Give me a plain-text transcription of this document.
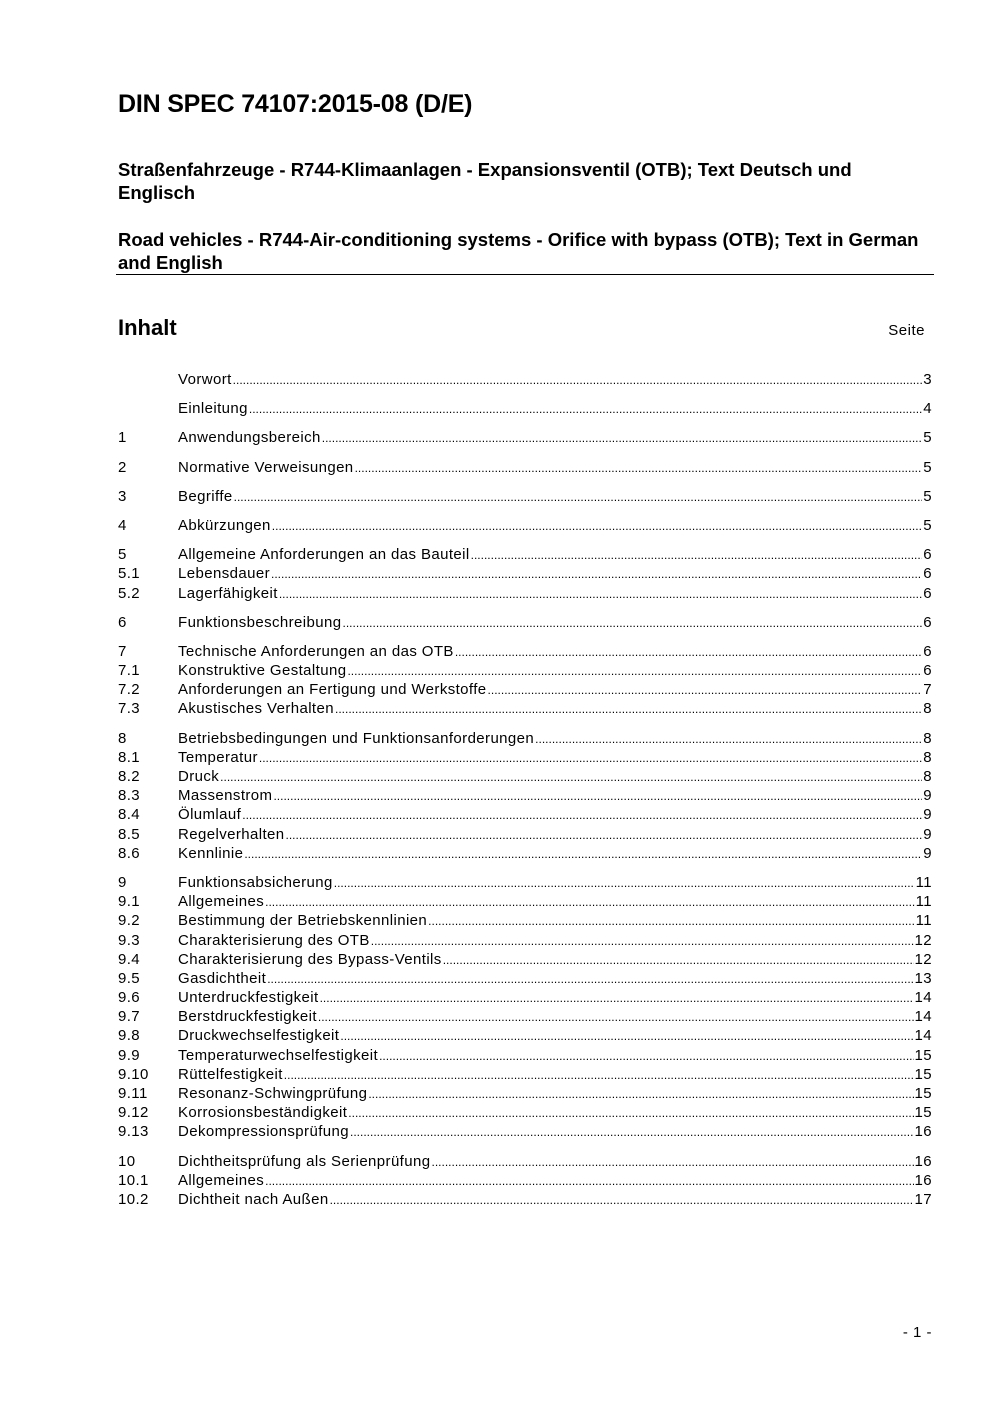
DIN SPEC 74107:2015-08 (D/E)

Straßenfahrzeuge - R744-Klimaanlagen - Expansionsventil (OTB); Text Deutsch und Englisch

Road vehicles - R744-Air-conditioning systems - Orifice with bypass (OTB); Text in German and English

Inhalt	Seite
Vorwort .....	3
Einleitung .....	4
1	Anwendungsbereich .....	5
2	Normative Verweisungen .....	5
3	Begriffe .....	5
4	Abkürzungen .....	5
5	Allgemeine Anforderungen an das Bauteil .....	6
5.1	Lebensdauer .....	6
5.2	Lagerfähigkeit .....	6
6	Funktionsbeschreibung .....	6
7	Technische Anforderungen an das OTB .....	6
7.1	Konstruktive Gestaltung .....	6
7.2	Anforderungen an Fertigung und Werkstoffe .....	7
7.3	Akustisches Verhalten .....	8
8	Betriebsbedingungen und Funktionsanforderungen .....	8
8.1	Temperatur .....	8
8.2	Druck .....	8
8.3	Massenstrom .....	9
8.4	Ölumlauf .....	9
8.5	Regelverhalten .....	9
8.6	Kennlinie .....	9
9	Funktionsabsicherung .....	11
9.1	Allgemeines .....	11
9.2	Bestimmung der Betriebskennlinien .....	11
9.3	Charakterisierung des OTB .....	12
9.4	Charakterisierung des Bypass-Ventils .....	12
9.5	Gasdichtheit .....	13
9.6	Unterdruckfestigkeit .....	14
9.7	Berstdruckfestigkeit .....	14
9.8	Druckwechselfestigkeit .....	14
9.9	Temperaturwechselfestigkeit .....	15
9.10	Rüttelfestigkeit .....	15
9.11	Resonanz-Schwingprüfung .....	15
9.12	Korrosionsbeständigkeit .....	15
9.13	Dekompressionsprüfung .....	16
10	Dichtheitsprüfung als Serienprüfung .....	16
10.1	Allgemeines .....	16
10.2	Dichtheit nach Außen .....	17
- 1 -
